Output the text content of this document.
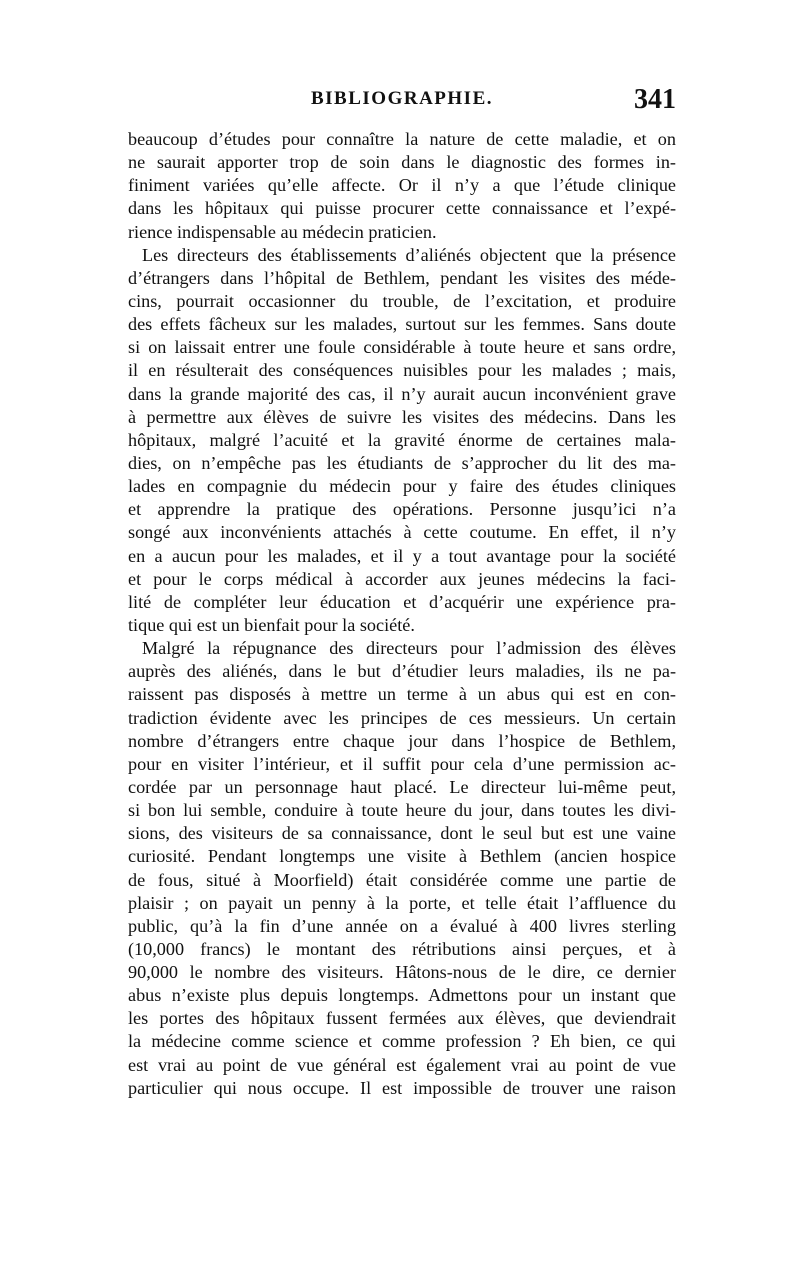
BIBLIOGRAPHIE.	341
beaucoup d’études pour connaître la nature de cette maladie, et on
ne saurait apporter trop de soin dans le diagnostic des formes in-
finiment variées qu’elle affecte. Or il n’y a que l’étude clinique
dans les hôpitaux qui puisse procurer cette connaissance et l’expé-
rience indispensable au médecin praticien.
Les directeurs des établissements d’aliénés objectent que la présence
d’étrangers dans l’hôpital de Bethlem, pendant les visites des méde-
cins, pourrait occasionner du trouble, de l’excitation, et produire
des effets fâcheux sur les malades, surtout sur les femmes. Sans doute
si on laissait entrer une foule considérable à toute heure et sans ordre,
il en résulterait des conséquences nuisibles pour les malades ; mais,
dans la grande majorité des cas, il n’y aurait aucun inconvénient grave
à permettre aux élèves de suivre les visites des médecins. Dans les
hôpitaux, malgré l’acuité et la gravité énorme de certaines mala-
dies, on n’empêche pas les étudiants de s’approcher du lit des ma-
lades en compagnie du médecin pour y faire des études cliniques
et apprendre la pratique des opérations. Personne jusqu’ici n’a
songé aux inconvénients attachés à cette coutume. En effet, il n’y
en a aucun pour les malades, et il y a tout avantage pour la société
et pour le corps médical à accorder aux jeunes médecins la faci-
lité de compléter leur éducation et d’acquérir une expérience pra-
tique qui est un bienfait pour la société.
Malgré la répugnance des directeurs pour l’admission des élèves
auprès des aliénés, dans le but d’étudier leurs maladies, ils ne pa-
raissent pas disposés à mettre un terme à un abus qui est en con-
tradiction évidente avec les principes de ces messieurs. Un certain
nombre d’étrangers entre chaque jour dans l’hospice de Bethlem,
pour en visiter l’intérieur, et il suffit pour cela d’une permission ac-
cordée par un personnage haut placé. Le directeur lui-même peut,
si bon lui semble, conduire à toute heure du jour, dans toutes les divi-
sions, des visiteurs de sa connaissance, dont le seul but est une vaine
curiosité. Pendant longtemps une visite à Bethlem (ancien hospice
de fous, situé à Moorfield) était considérée comme une partie de
plaisir ; on payait un penny à la porte, et telle était l’affluence du
public, qu’à la fin d’une année on a évalué à 400 livres sterling
(10,000 francs) le montant des rétributions ainsi perçues, et à
90,000 le nombre des visiteurs. Hâtons-nous de le dire, ce dernier
abus n’existe plus depuis longtemps. Admettons pour un instant que
les portes des hôpitaux fussent fermées aux élèves, que deviendrait
la médecine comme science et comme profession ? Eh bien, ce qui
est vrai au point de vue général est également vrai au point de vue
particulier qui nous occupe. Il est impossible de trouver une raison
